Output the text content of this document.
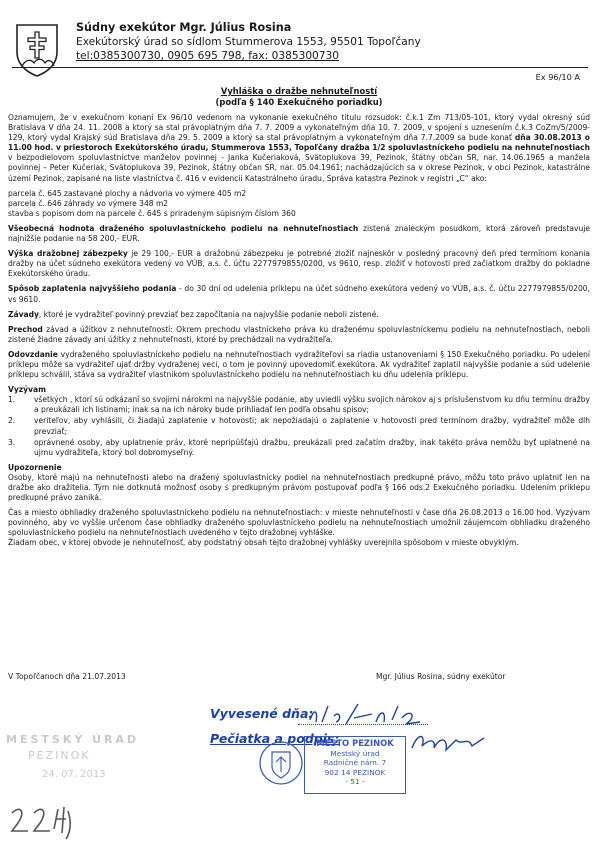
Súdny exekútor Mgr. Július Rosina
Exekútorský úrad so sídlom Stummerova 1553, 95501 Topoľčany
tel:0385300730, 0905 695 798, fax: 0385300730
Ex 96/10 A
Vyhláška o dražbe nehnuteľností
(podľa § 140 Exekučného poriadku)

Oznamujem, že v exekučnom konaní Ex 96/10 vedenom na vykonanie exekučného titulu rozsudok: č.k.1 Zm 713/05-101, ktorý vydal okresný súd Bratislava V dňa 24. 11. 2008 a ktorý sa stal právoplatným dňa 7. 7. 2009 a vykonateľným dňa 10. 7. 2009, v spojení s uznesením č.k.3 CoZm/5/2009-129, ktorý vydal Krajský súd Bratislava dňa 29. 5. 2009 a ktorý sa stal právoplatným a vykonateľným dňa 7.7.2009 sa bude konať dňa 30.08.2013 o 11.00 hod. v priestoroch Exekútorského úradu, Stummerova 1553, Topoľčany dražba 1/2 spoluvlastníckeho podielu na nehnuteľnostiach v bezpodielovom spoluvlastníctve manželov povinnej - Janka Kučeriaková, Svätoplukova 39, Pezinok, štátny občan SR, nar. 14.06.1965 a manžela povinnej – Peter Kučeriak, Svätoplukova 39, Pezinok, štátny občan SR, nar. 05.04.1961; nachádzajúcich sa v okrese Pezinok, v obci Pezinok, katastrálne území Pezinok, zapísané na liste vlastníctva č. 416 v evidencii Katastrálneho úradu, Správa katastra Pezinok v registri „C“ ako:

parcela č. 645 zastavané plochy a nádvoria vo výmere 405 m2
parcela č. 646 záhrady vo výmere 348 m2
stavba s popisom dom na parcele č. 645 s priradeným súpisným číslom 360

Všeobecná hodnota draženého spoluvlastníckeho podielu na nehnuteľnostiach zistená znaleckým posudkom, ktorá zároveň predstavuje najnižšie podanie na 58 200,- EUR.

Výška dražobnej zábezpeky je 29 100,- EUR a dražobnú zábezpeku je potrebné zložiť najneskôr v posledný pracovný deň pred termínom konania dražby na účet súdneho exekútora vedený vo VÚB, a.s. č. účtu 2277979855/0200, vs 9610, resp. zložiť v hotovosti pred začiatkom dražby do pokladne Exekútorského úradu.

Spôsob zaplatenia najvyššieho podania - do 30 dní od udelenia príklepu na účet súdneho exekútora vedený vo VÚB, a.s. č. účtu 2277979855/0200, vs 9610.

Závady, ktoré je vydražiteľ povinný prevziať bez započítania na najvyššie podanie neboli zistené.

Prechod závad a úžitkov z nehnuteľností: Okrem prechodu vlastníckeho práva ku draženému spoluvlastníckemu podielu na nehnuteľnostiach, neboli zistené žiadne závady ani úžitky z nehnuteľnosti, ktoré by prechádzali na vydražiteľa.

Odovzdanie vydraženého spoluvlastníckeho podielu na nehnuteľnostiach vydražiteľovi sa riadia ustanoveniami § 150 Exekučného poriadku. Po udelení príklepu môže sa vydražiteľ ujať držby vydraženej veci, o tom je povinný upovedomiť exekútora. Ak vydražiteľ zaplatil najvyššie podanie a súd udelenie príklepu schválil, stáva sa vydražiteľ vlastníkom spoluvlastníckeho podielu na nehnuteľnostiach ku dňu udelenia príklepu.

Vyzývam
1. všetkých , ktorí sú odkázaní so svojimi nárokmi na najvyššie podanie, aby uviedli výšku svojich nárokov aj s príslušenstvom ku dňu termínu dražby a preukázali ich listinami; inak sa na ich nároky bude prihliadať len podľa obsahu spisov;
2. veriteľov, aby vyhlásili, či žiadajú zaplatenie v hotovosti; ak nepožiadajú o zaplatenie v hotovosti pred termínom dražby, vydražiteľ môže dlh prevziať;
3. oprávnené osoby, aby uplatnenie práv, ktoré nepripúšťajú dražbu, preukázali pred začatím dražby, inak takéto práva nemôžu byť uplatnené na ujmu vydražiteľa, ktorý bol dobromyseľný.
Upozornenie

Osoby, ktoré majú na nehnuteľnosti alebo na dražený spoluvlastnícky podiel na nehnuteľnostiach predkupné právo, môžu toto právo uplatniť len na dražbe ako dražitelia. Tým nie dotknutá možnosť osoby s predkupným právom postupovať podľa § 166 ods.2 Exekučného poriadku. Udelením príklepu predkupné právo zaniká.

Čas a miesto obhliadky draženého spoluvlastníckeho podielu na nehnuteľnostiach: v mieste nehnuteľnosti v čase dňa 26.08.2013 o 16.00 hod. Vyzývam povinného, aby vo vyššie určenom čase obhliadky draženého spoluvlastníckeho podielu na nehnuteľnostiach umožnil záujemcom obhliadku draženého spoluvlastníckeho podielu na nehnuteľnostiach uvedeného v tejto dražobnej vyhláške.

Žiadam obec, v ktorej obvode je nehnuteľnosť, aby podstatný obsah tejto dražobnej vyhlášky uverejnila spôsobom v mieste obvyklým.

V Topoľčanoch dňa 21.07.2013	Mgr. Július Rosina, súdny exekútor
MESTSKÝ ÚRAD
PEZINOK
24. 07. 2013
Vyvesené dňa:
Pečiatka a podpis:
MESTO PEZINOK
Mestský úrad
Radničné nám. 7
902 14 PEZINOK
- 51 -
